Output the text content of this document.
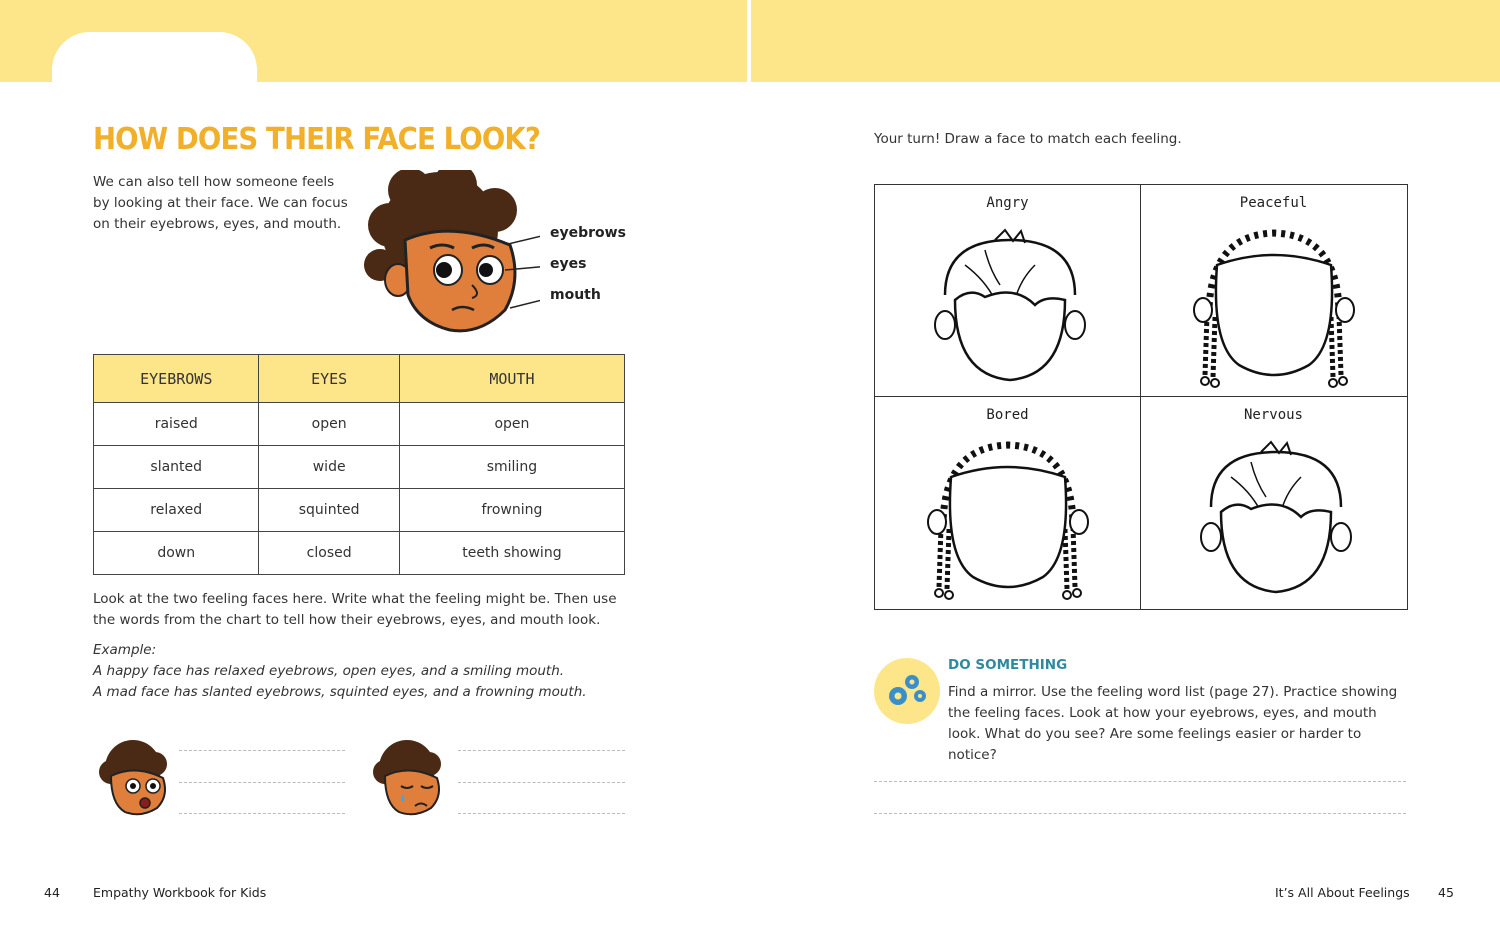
HOW DOES THEIR FACE LOOK?
We can also tell how someone feels by looking at their face. We can focus on their eyebrows, eyes, and mouth.
eyebrows
eyes
mouth
EYEBROWS	EYES	MOUTH
raised	open	open
slanted	wide	smiling
relaxed	squinted	frowning
down	closed	teeth showing
Look at the two feeling faces here. Write what the feeling might be. Then use the words from the chart to tell how their eyebrows, eyes, and mouth look.
Example:
A happy face has relaxed eyebrows, open eyes, and a smiling mouth.
A mad face has slanted eyebrows, squinted eyes, and a frowning mouth.
44	Empathy Workbook for Kids
Your turn! Draw a face to match each feeling.
Angry	Peaceful
Bored	Nervous
DO SOMETHING
Find a mirror. Use the feeling word list (page 27). Practice showing the feeling faces. Look at how your eyebrows, eyes, and mouth look. What do you see? Are some feelings easier or harder to notice?
It’s All About Feelings 45
